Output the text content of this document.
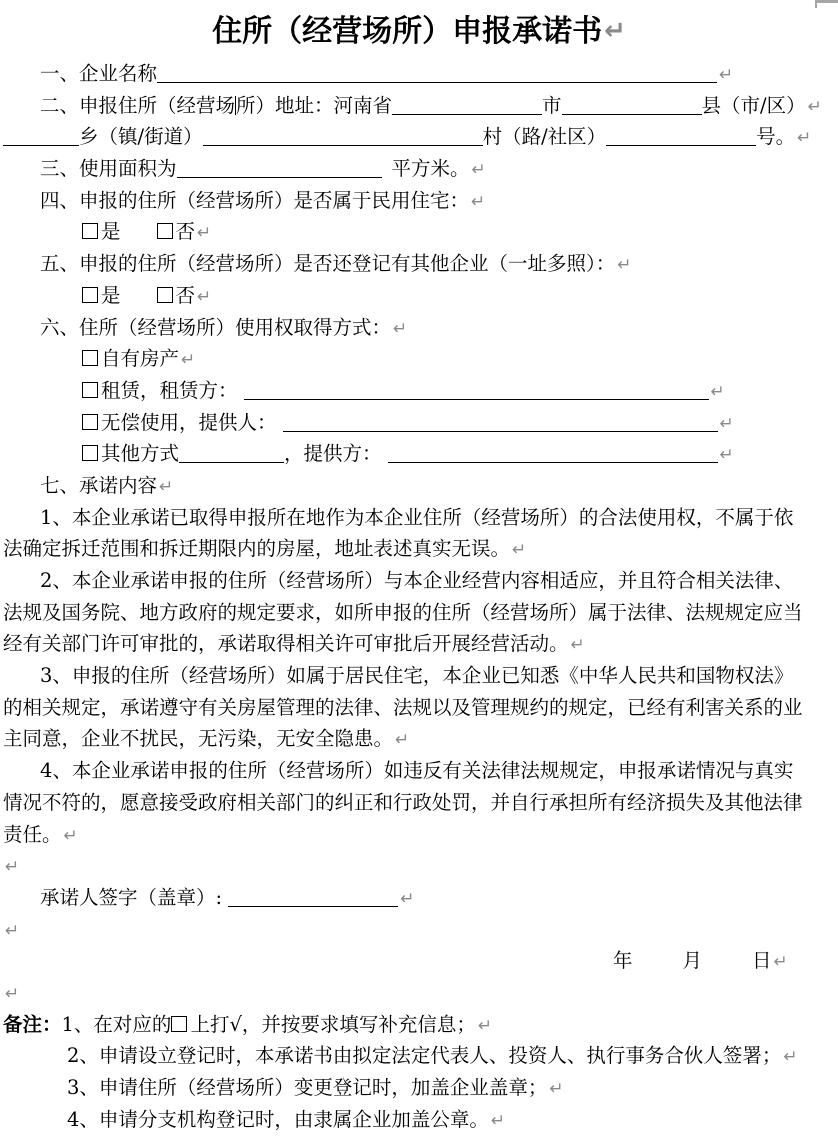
住所（经营场所）申报承诺书↵
一、企业名称	↵
二、申报住所（经营场所）地址：河南省	市	县（市/区） ↵
乡（镇/街道）	村（路/社区）	号。 ↵
三、使用面积为	平方米。 ↵
四、申报的住所（经营场所）是否属于民用住宅： ↵
是	否 ↵
五、申报的住所（经营场所）是否还登记有其他企业（一址多照）： ↵
是	否 ↵
六、住所（经营场所）使用权取得方式： ↵
自有房产 ↵
租赁，租赁方：	↵
无偿使用，提供人：	↵
其他方式	，提供方：	↵
七、承诺内容 ↵
1、本企业承诺已取得申报所在地作为本企业住所（经营场所）的合法使用权，不属于依
法确定拆迁范围和拆迁期限内的房屋，地址表述真实无误。 ↵
2、本企业承诺申报的住所（经营场所）与本企业经营内容相适应，并且符合相关法律、
法规及国务院、地方政府的规定要求，如所申报的住所（经营场所）属于法律、法规规定应当
经有关部门许可审批的，承诺取得相关许可审批后开展经营活动。 ↵
3、申报的住所（经营场所）如属于居民住宅，本企业已知悉《中华人民共和国物权法》
的相关规定，承诺遵守有关房屋管理的法律、法规以及管理规约的规定，已经有利害关系的业
主同意，企业不扰民，无污染，无安全隐患。 ↵
4、本企业承诺申报的住所（经营场所）如违反有关法律法规规定，申报承诺情况与真实
情况不符的，愿意接受政府相关部门的纠正和行政处罚，并自行承担所有经济损失及其他法律
责任。 ↵
↵
承诺人签字（盖章）:	↵
↵
年	月	日 ↵
↵
备注：1、在对应的 上打√，并按要求填写补充信息； ↵
2、申请设立登记时，本承诺书由拟定法定代表人、投资人、执行事务合伙人签署； ↵
3、申请住所（经营场所）变更登记时，加盖企业盖章； ↵
4、申请分支机构登记时，由隶属企业加盖公章。 ↵
